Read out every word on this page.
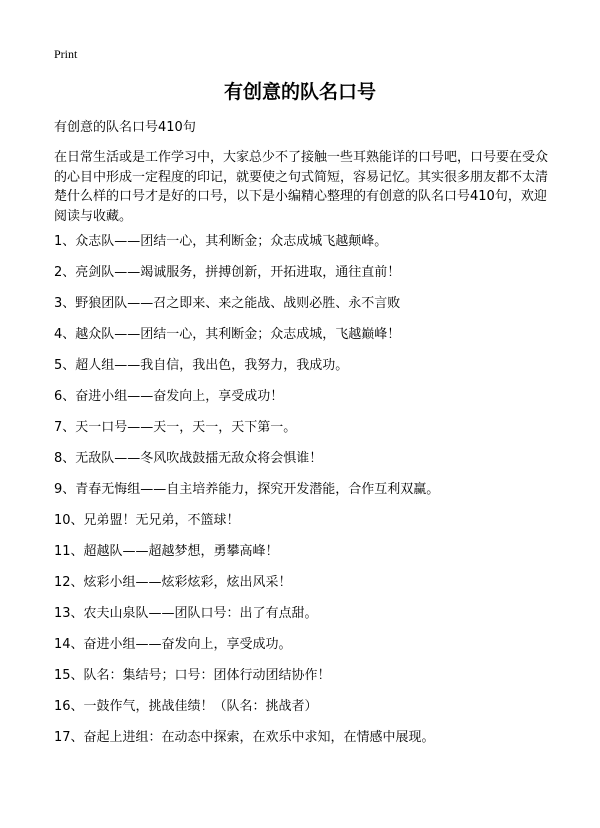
Print
有创意的队名口号
有创意的队名口号410句

在日常生活或是工作学习中，大家总少不了接触一些耳熟能详的口号吧，口号要在受众的心目中形成一定程度的印记，就要使之句式简短，容易记忆。其实很多朋友都不太清楚什么样的口号才是好的口号，以下是小编精心整理的有创意的队名口号410句，欢迎阅读与收藏。

1、众志队——团结一心，其利断金；众志成城飞越颠峰。
2、亮剑队——竭诚服务，拼搏创新，开拓进取，通往直前！
3、野狼团队——召之即来、来之能战、战则必胜、永不言败
4、越众队——团结一心，其利断金；众志成城，飞越巅峰！
5、超人组——我自信，我出色，我努力，我成功。
6、奋进小组——奋发向上，享受成功！
7、天一口号——天一，天一，天下第一。
8、无敌队——冬风吹战鼓擂无敌众将会惧谁！
9、青春无悔组——自主培养能力，探究开发潜能，合作互利双赢。
10、兄弟盟！无兄弟，不篮球！
11、超越队——超越梦想，勇攀高峰！
12、炫彩小组——炫彩炫彩，炫出风采！
13、农夫山泉队——团队口号：出了有点甜。
14、奋进小组——奋发向上，享受成功。
15、队名：集结号；口号：团体行动团结协作！
16、一鼓作气，挑战佳绩！（队名：挑战者）
17、奋起上进组：在动态中探索，在欢乐中求知，在情感中展现。
